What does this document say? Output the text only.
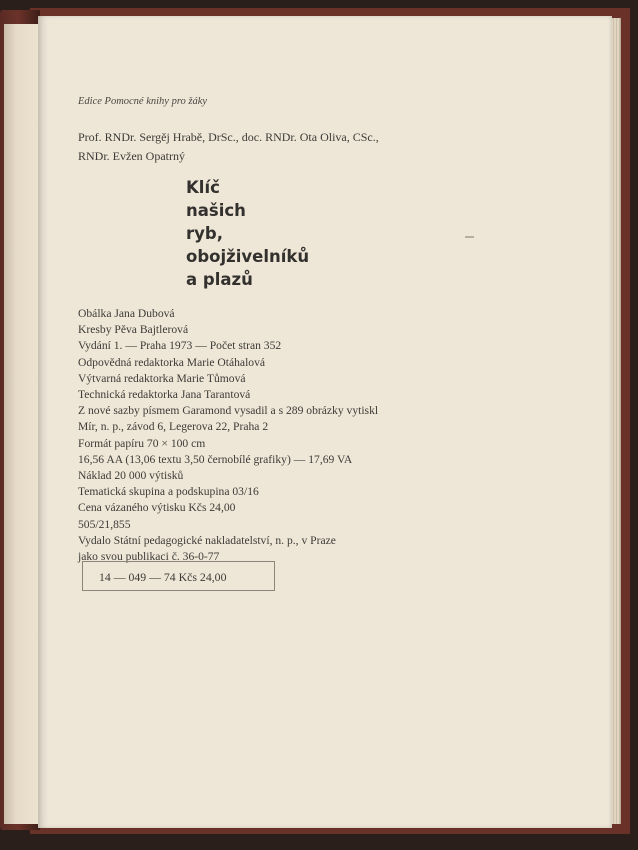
Edice Pomocné knihy pro žáky
Prof. RNDr. Sergěj Hrabě, DrSc., doc. RNDr. Ota Oliva, CSc.,
RNDr. Evžen Opatrný
Klíč
našich
ryb,
obojživelníků
a plazů
Obálka Jana Dubová
Kresby Pěva Bajtlerová
Vydání 1. — Praha 1973 — Počet stran 352
Odpovědná redaktorka Marie Otáhalová
Výtvarná redaktorka Marie Tůmová
Technická redaktorka Jana Tarantová
Z nové sazby písmem Garamond vysadil a s 289 obrázky vytiskl
Mír, n. p., závod 6, Legerova 22, Praha 2
Formát papíru 70 × 100 cm
16,56 AA (13,06 textu 3,50 černobílé grafiky) — 17,69 VA
Náklad 20 000 výtisků
Tematická skupina a podskupina 03/16
Cena vázaného výtisku Kčs 24,00
505/21,855
Vydalo Státní pedagogické nakladatelství, n. p., v Praze
jako svou publikaci č. 36-0-77
14 — 049 — 74 Kčs 24,00
